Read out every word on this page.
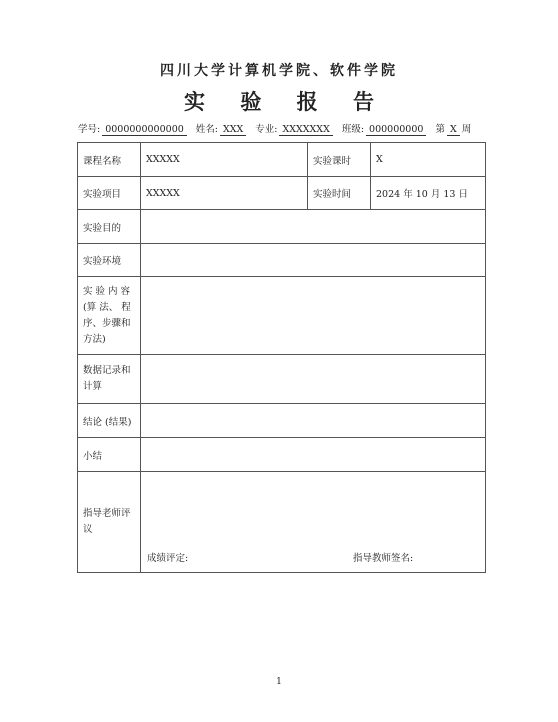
四川大学计算机学院、软件学院
实 验 报 告
学号: 0000000000000	姓名: XXX	专业: XXXXXXX	班级: 000000000	第 X 周
课程名称	XXXXX	实验课时	X
实验项目	XXXXX	实验时间	2024 年 10 月 13 日
实验目的			
实验环境			
实 验 内 容 (算 法、 程 序、步骤和方法)			
数据记录和计算			
结论 (结果)			
小结			
指导老师评议	成绩评定: 指导教师签名:		
1
